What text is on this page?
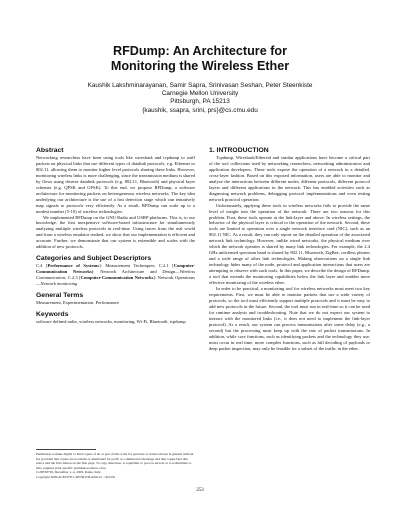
RFDump: An Architecture for
Monitoring the Wireless Ether
Kaushik Lakshminarayanan, Samir Sapra, Srinivasan Seshan, Peter Steenkiste
Carnegie Mellon University
Pittsburgh, PA 15213
{kaushik, ssapra, srini, prs}@cs.cmu.edu

Abstract

Networking researchers have been using tools like wireshark and tcpdump to sniff packets on physical links that use different types of datalink protocols, e.g. Ethernet or 802.11, allowing them to monitor higher level protocols sharing these links. However, monitoring wireless links is more challenging, since the transmission medium is shared by flows using diverse datalink protocols (e.g. 802.11, Bluetooth) and physical layer schemes (e.g. QPSK and GFSK). To this end, we propose RFDump, a software architecture for monitoring packets on heterogeneous wireless networks. The key idea underlying our architecture is the use of a fast detection stage which can tentatively map signals to protocols very efficiently. As a result, RFDump can scale up to a modest number (5-10) of wireless technologies.

We implemented RFDump on the GNU Radio and USRP platforms. This is, to our knowledge, the first inexpensive software-based infrastructure for simultaneously analyzing multiple wireless protocols in real-time. Using traces from the real world and from a wireless emulator testbed, we show that our implementation is efficient and accurate. Further, we demonstrate that our system is extensible and scales with the addition of new protocols.

Categories and Subject Descriptors

C.4 [Performance of Systems]: Measurement Techniques; C.2.1 [Computer-Communication Networks]: Network Architecture and Design—Wireless Communication; C.2.3 [Computer-Communication Networks]: Network Operations—Network monitoring

General Terms

Measurement, Experimentation, Performance

Keywords

software defined radio, wireless networks, monitoring, Wi-Fi, Bluetooth, tcpdump

Permission to make digital or hard copies of all or part of this work for personal or classroom use is granted without fee provided that copies are not made or distributed for profit or commercial advantage and that copies bear this notice and the full citation on the first page. To copy otherwise, to republish, to post on servers or to redistribute to lists, requires prior specific permission and/or a fee.
CoNEXT'09, December 1–4, 2009, Rome, Italy.
Copyright 2009 ACM 978-1-60558-636-6/09/12 ...$10.00.

1. INTRODUCTION

Tcpdump, Wireshark/Ethereal and similar applications have become a critical part of the tool collections used by networking researchers, networking administrators and application developers. These tools expose the operation of a network in a detailed, cross-layer fashion. Based on this exposed information, users are able to monitor and analyze the interactions between different nodes, different protocols, different protocol layers and different applications in the network. This has enabled activities such as diagnosing network problems, debugging protocol implementations and even testing network protocol operation.

Unfortunately, applying these tools in wireless networks fails to provide the same level of insight into the operation of the network. There are two reasons for this problem. First, these tools operate at the link-layer and above. In wireless settings, the behavior of the physical layer is critical to the operation of the network. Second, these tools are limited to operation over a single network interface card (NIC), such as an 802.11 NIC. As a result, they can only report on the detailed operation of the associated network link technology. However, unlike wired networks, the physical medium over which the network operates is shared by many link technologies. For example, the 2.4 GHz unlicensed spectrum band is shared by 802.11, Bluetooth, ZigBee, cordless phones and a wide range of other link technologies. Making observations on a single link technology hides many of the node, protocol and application interactions that users are attempting to observe with such tools. In this paper, we describe the design of RFDump, a tool that extends the monitoring capabilities below the link layer and enables more effective monitoring of the wireless ether.

In order to be practical, a monitoring tool for wireless networks must meet two key requirements. First, we must be able to monitor packets that use a wide variety of protocols, so the tool must efficiently support multiple protocols and it must be easy to add new protocols in the future. Second, the tool must run in real-time so it can be used for runtime analysis and troubleshooting. Note that we do not expect our system to interact with the monitored links (i.e., it does not need to implement the link-layer protocol). As a result, our system can process transmissions after some delay (e.g., a second) but the processing must keep up with the rate of packet transmissions. In addition, while core functions, such as identifying packets and the technology they use, must occur in real time, more complex functions, such as full decoding of payloads or deep packet inspection, may only be feasible for a subset of the traffic in the ether.

253
